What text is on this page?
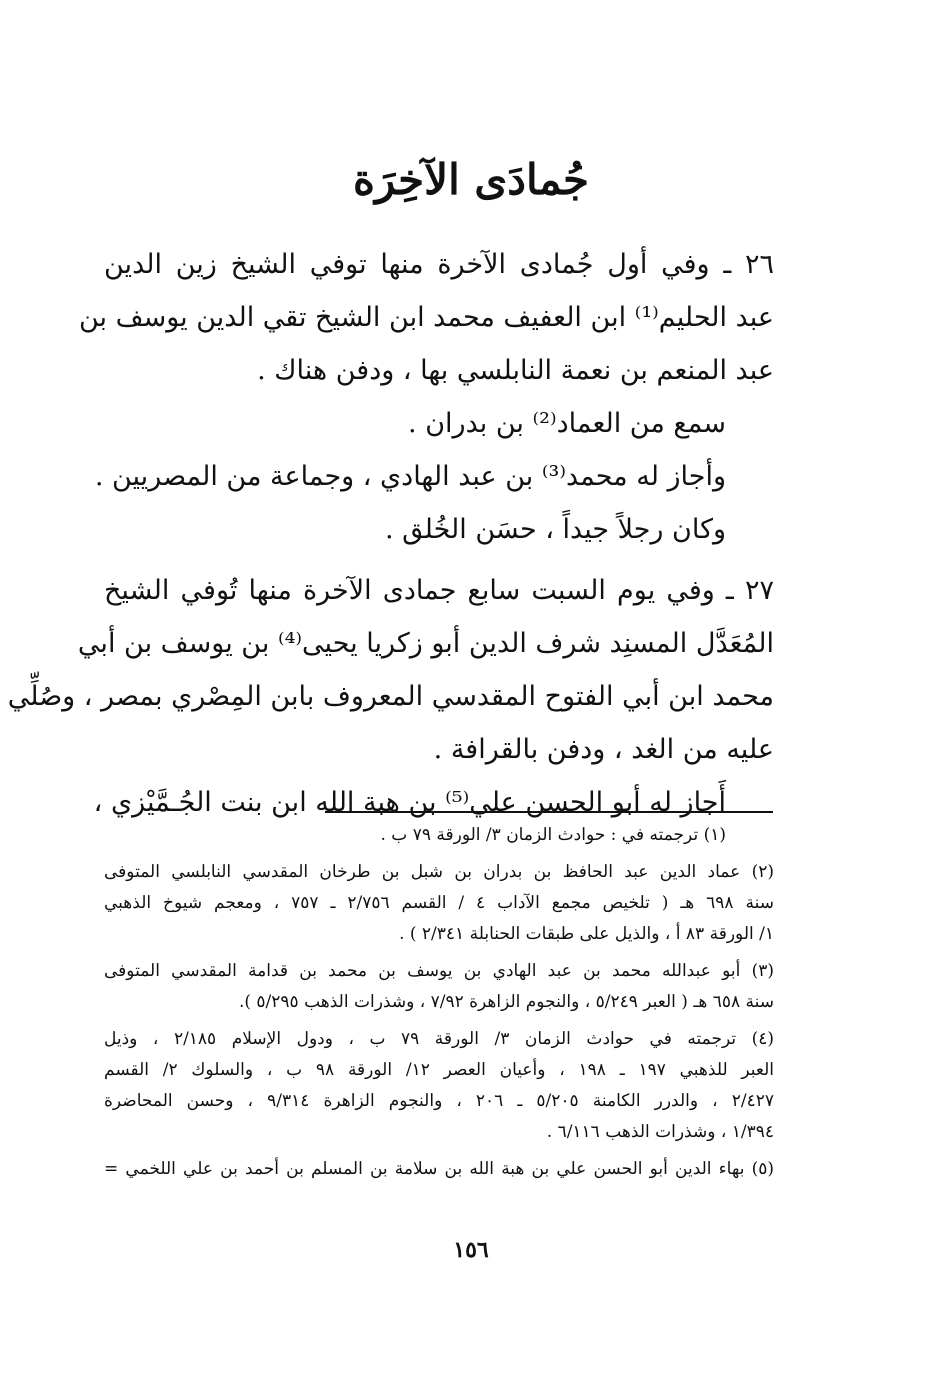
جُمادَى الآخِرَة
٢٦ ـ وفي أول جُمادى الآخرة منها توفي الشيخ زين الدين
عبد الحليم⁽¹⁾ ابن العفيف محمد ابن الشيخ تقي الدين يوسف بن
عبد المنعم بن نعمة النابلسي بها ، ودفن هناك .
سمع من العماد⁽²⁾ بن بدران .
وأجاز له محمد⁽³⁾ بن عبد الهادي ، وجماعة من المصريين .
وكان رجلاً جيداً ، حسَن الخُلق .
٢٧ ـ وفي يوم السبت سابع جمادى الآخرة منها تُوفي الشيخ
المُعَدَّل المسنِد شرف الدين أبو زكريا يحيى⁽⁴⁾ بن يوسف بن أبي
محمد ابن أبي الفتوح المقدسي المعروف بابن المِصْري بمصر ، وصُلِّي
عليه من الغد ، ودفن بالقرافة .
أَجاز له أبو الحسن علي⁽⁵⁾ بن هبة الله ابن بنت الجُـمَّيْزي ،
(١) ترجمته في : حوادث الزمان ٣/ الورقة ٧٩ ب .
(٢) عماد الدين عبد الحافظ بن بدران بن شبل بن طرخان المقدسي النابلسي المتوفى
سنة ٦٩٨ هـ ( تلخيص مجمع الآداب ٤ / القسم ٢/٧٥٦ ـ ٧٥٧ ، ومعجم شيوخ الذهبي
١/ الورقة ٨٣ أ ، والذيل على طبقات الحنابلة ٢/٣٤١ ) .
(٣) أبو عبدالله محمد بن عبد الهادي بن يوسف بن محمد بن قدامة المقدسي المتوفى
سنة ٦٥٨ هـ ( العبر ٥/٢٤٩ ، والنجوم الزاهرة ٧/٩٢ ، وشذرات الذهب ٥/٢٩٥ ).
(٤) ترجمته في حوادث الزمان ٣/ الورقة ٧٩ ب ، ودول الإسلام ٢/١٨٥ ، وذيل
العبر للذهبي ١٩٧ ـ ١٩٨ ، وأعيان العصر ١٢/ الورقة ٩٨ ب ، والسلوك ٢/ القسم
٢/٤٢٧ ، والدرر الكامنة ٥/٢٠٥ ـ ٢٠٦ ، والنجوم الزاهرة ٩/٣١٤ ، وحسن المحاضرة
١/٣٩٤ ، وشذرات الذهب ٦/١١٦ .
(٥) بهاء الدين أبو الحسن علي بن هبة الله بن سلامة بن المسلم بن أحمد بن علي اللخمي =
١٥٦
